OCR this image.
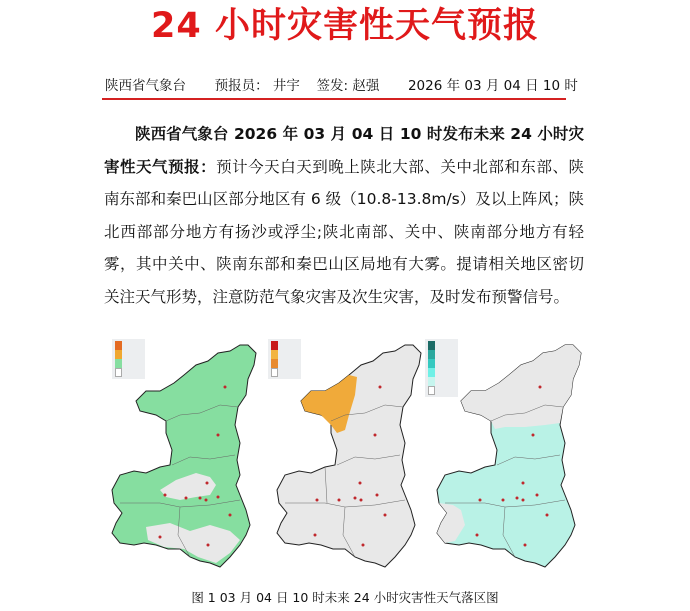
24 小时灾害性天气预报
陕西省气象台 预报员： 井宇 签发: 赵强 2026 年 03 月 04 日 10 时

陕西省气象台 2026 年 03 月 04 日 10 时发布未来 24 小时灾害性天气预报：预计今天白天到晚上陕北大部、关中北部和东部、陕南东部和秦巴山区部分地区有 6 级（10.8-13.8m/s）及以上阵风；陕北西部部分地方有扬沙或浮尘;陕北南部、关中、陕南部分地方有轻雾，其中关中、陕南东部和秦巴山区局地有大雾。提请相关地区密切关注天气形势，注意防范气象灾害及次生灾害，及时发布预警信号。

图 1 03 月 04 日 10 时未来 24 小时灾害性天气落区图
